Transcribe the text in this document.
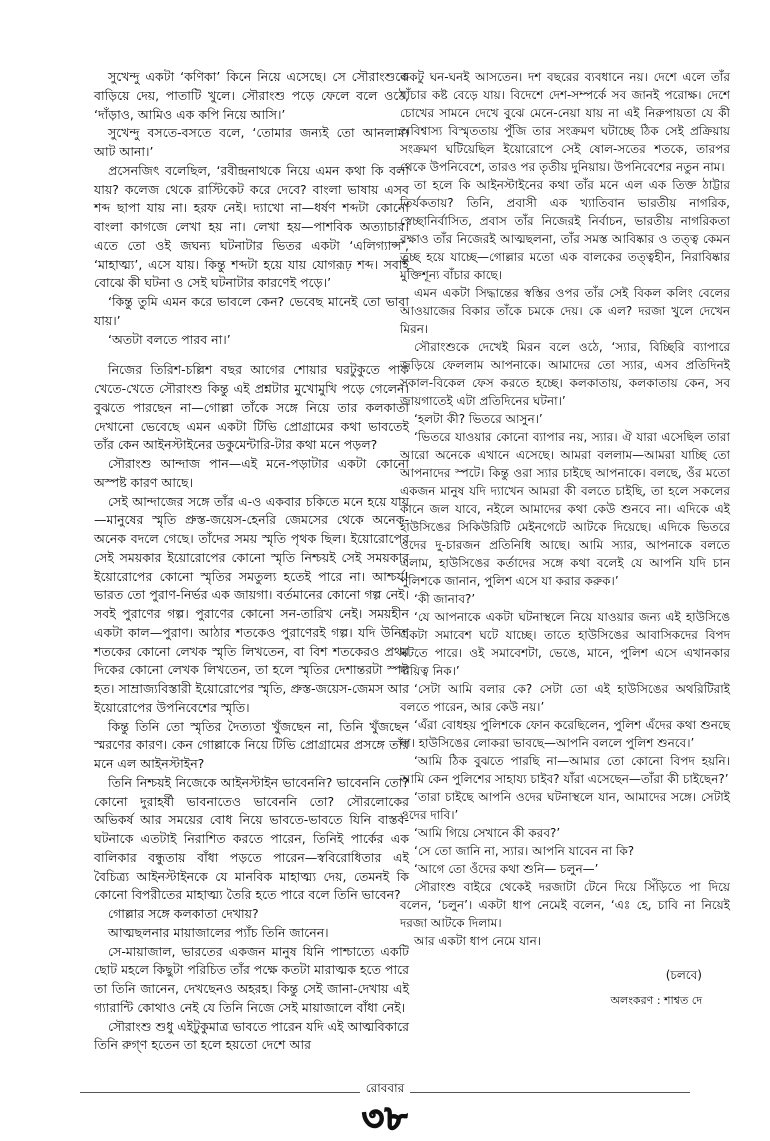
সুখেন্দু একটা ‘কণিকা’ কিনে নিয়ে এসেছে। সে সৌরাংশুকে বাড়িয়ে দেয়, পাতাটি খুলে। সৌরাংশু পড়ে ফেলে বলে ওঠে, ‘দাঁড়াও, আমিও এক কপি নিয়ে আসি।’

সুখেন্দু বসতে-বসতে বলে, ‘তোমার জন্যই তো আনলাম। আট আনা।’

প্রসেনজিৎ বলেছিল, ‘রবীন্দ্রনাথকে নিয়ে এমন কথা কি বলা যায়? কলেজ থেকে রাস্টিকেট করে দেবে? বাংলা ভাষায় এসব শব্দ ছাপা যায় না। হরফ নেই। দ্যাখো না—ধর্ষণ শব্দটা কোনো বাংলা কাগজে লেখা হয় না। লেখা হয়—পাশবিক অত্যাচার। এতে তো ওই জঘন্য ঘটনাটার ভিতর একটা ‘এলিগ্যান্স’, ‘মাহাত্ম্য’, এসে যায়। কিন্তু শব্দটা হয়ে যায় যোগরূঢ় শব্দ। সবাই বোঝে কী ঘটনা ও সেই ঘটনাটার কারণেই পড়ে।’

‘কিন্তু তুমি এমন করে ভাবলে কেন? ভেবেছ মানেই তো ভাবা যায়।’

‘অতটা বলতে পারব না।’

নিজের তিরিশ-চল্লিশ বছর আগের শোয়ার ঘরটুকুতে পাক খেতে-খেতে সৌরাংশু কিন্তু এই প্রশ্নটার মুখোমুখি পড়ে গেলেন। বুঝতে পারছেন না—গোল্লা তাঁকে সঙ্গে নিয়ে তার কলকাতা দেখানো ভেবেছে এমন একটা টিভি প্রোগ্রামের কথা ভাবতেই তাঁর কেন আইনস্টাইনের ডকুমেন্টারি-টার কথা মনে পড়ল?

সৌরাংশু আন্দাজ পান—এই মনে-পড়াটার একটা কোনো অস্পষ্ট কারণ আছে।

সেই আন্দাজের সঙ্গে তাঁর এ-ও একবার চকিতে মনে হয়ে যায়—মানুষের স্মৃতি প্রুস্ত-জয়েস-হেনরি জেমসের থেকে অনেক-অনেক বদলে গেছে। তাঁদের সময় স্মৃতি পৃথক ছিল। ইয়োরোপের সেই সময়কার ইয়োরোপের কোনো স্মৃতি নিশ্চয়ই সেই সময়কার ইয়োরোপের কোনো স্মৃতির সমতুল্য হতেই পারে না। আশ্চর্য! ভারত তো পুরাণ-নির্ভর এক জায়গা। বর্তমানের কোনো গল্প নেই। সবই পুরাণের গল্প। পুরাণের কোনো সন-তারিখ নেই। সময়হীন একটা কাল—পুরাণ। আঠার শতকেও পুরাণেরই গল্প। যদি উনিশ শতকের কোনো লেখক স্মৃতি লিখতেন, বা বিশ শতকেরও প্রথম দিকের কোনো লেখক লিখতেন, তা হলে স্মৃতির দেশান্তরটা স্পষ্ট হত। সাম্রাজ্যবিস্তারী ইয়োরোপের স্মৃতি, প্রুস্ত-জয়েস-জেমস আর ইয়োরোপের উপনিবেশের স্মৃতি।

কিন্তু তিনি তো স্মৃতির দৈত্যতা খুঁজছেন না, তিনি খুঁজছেন স্মরণের কারণ। কেন গোল্লাকে নিয়ে টিভি প্রোগ্রামের প্রসঙ্গে তাঁর মনে এল আইনস্টাইন?

তিনি নিশ্চয়ই নিজেকে আইনস্টাইন ভাবেননি? ভাবেননি তো? কোনো দুরাহর্ষী ভাবনাতেও ভাবেননি তো? সৌরলোকের অভিকর্ষ আর সময়ের বোধ নিয়ে ভাবতে-ভাবতে যিনি বাস্তব-ঘটনাকে এতটাই নিরাশিত করতে পারেন, তিনিই পার্কের এক বালিকার বন্ধুতায় বাঁধা পড়তে পারেন—স্ববিরোধিতার এই বৈচিত্র্য আইনস্টাইনকে যে মানবিক মাহাত্ম্য দেয়, তেমনই কি কোনো বিপরীতের মাহাত্ম্য তৈরি হতে পারে বলে তিনি ভাবেন?

গোল্লার সঙ্গে কলকাতা দেখায়?

আত্মছলনার মায়াজালের প্যাঁচ তিনি জানেন।

সে-মায়াজাল, ভারতের একজন মানুষ যিনি পাশ্চাত্যে একটি ছোট মহলে কিছুটা পরিচিত তাঁর পক্ষে কতটা মারাত্মক হতে পারে তা তিনি জানেন, দেখছেনও অহরহ। কিন্তু সেই জানা-দেখায় এই গ্যারান্টি কোথাও নেই যে তিনি নিজে সেই মায়াজালে বাঁধা নেই।

সৌরাংশু শুধু এইটুকুমাত্র ভাবতে পারেন যদি এই আত্মবিকারে তিনি রুগ্ণ হতেন তা হলে হয়তো দেশে আর

একটু ঘন-ঘনই আসতেন। দশ বছরের ব্যবধানে নয়। দেশে এলে তাঁর বাঁচার কষ্ট বেড়ে যায়। বিদেশে দেশ-সম্পর্কে সব জানই পরোক্ষ। দেশে চোখের সামনে দেখে বুঝে মেনে-নেয়া যায় না এই নিরুপায়তা যে কী অবিশ্বাস্য বিস্মৃততায় পুঁজি তার সংক্রমণ ঘটাচ্ছে ঠিক সেই প্রক্রিয়ায় সংক্রমণ ঘটিয়েছিল ইয়োরোপে সেই ষোল-সতের শতকে, তারপর থেকে উপনিবেশে, তারও পর তৃতীয় দুনিয়ায়। উপনিবেশের নতুন নাম।

তা হলে কি আইনস্টাইনের কথা তাঁর মনে এল এক তিক্ত ঠাট্টার তির্যকতায়? তিনি, প্রবাসী এক খ্যাতিবান ভারতীয় নাগরিক, স্বেচ্ছানির্বাসিত, প্রবাস তাঁর নিজেরই নির্বাচন, ভারতীয় নাগরিকতা রক্ষাও তাঁর নিজেরই আত্মছলনা, তাঁর সমস্ত আবিষ্কার ও তত্ত্ব কেমন তুচ্ছ হয়ে যাচ্ছে—গোল্লার মতো এক বালকের তত্ত্বহীন, নিরাবিষ্কার মুক্তিশূন্য বাঁচার কাছে।

এমন একটা সিদ্ধান্তের স্বস্তির ওপর তাঁর সেই বিকল কলিং বেলের আওয়াজের বিকার তাঁকে চমকে দেয়। কে এল? দরজা খুলে দেখেন মিরন।

সৌরাংশুকে দেখেই মিরন বলে ওঠে, ‘স্যার, বিচ্ছিরি ব্যাপারে জড়িয়ে ফেললাম আপনাকে। আমাদের তো স্যার, এসব প্রতিদিনই সকাল-বিকেল ফেস করতে হচ্ছে। কলকাতায়, কলকাতায় কেন, সব জায়গাতেই এটা প্রতিদিনের ঘটনা।’

‘হলটা কী? ভিতরে আসুন।’

‘ভিতরে যাওয়ার কোনো ব্যাপার নয়, স্যার। ঐ যারা এসেছিল তারা আরো অনেকে এখানে এসেছে। আমরা বললাম—আমরা যাচ্ছি তো আপনাদের স্পটে। কিন্তু ওরা স্যার চাইছে আপনাকে। বলছে, ওঁর মতো একজন মানুষ যদি দ্যাখেন আমরা কী বলতে চাইছি, তা হলে সকলের কানে জল যাবে, নইলে আমাদের কথা কেউ শুনবে না। এদিকে এই হাউসিঙের সিকিউরিটি মেইনগেটে আটকে দিয়েছে। এদিকে ভিতরে ওদের দু-চারজন প্রতিনিধি আছে। আমি স্যার, আপনাকে বলতে এলাম, হাউসিঙের কর্তাদের সঙ্গে কথা বলেই যে আপনি যদি চান পুলিশকে জানান, পুলিশ এসে যা করার করুক।’

‘কী জানাব?’

‘যে আপনাকে একটা ঘটনাস্থলে নিয়ে যাওয়ার জন্য এই হাউসিঙে একটা সমাবেশ ঘটে যাচ্ছে। তাতে হাউসিঙের আবাসিকদের বিপদ ঘটতে পারে। ওই সমাবেশটা, ভেঙে, মানে, পুলিশ এসে এখানকার দায়িত্ব নিক।’

‘সেটা আমি বলার কে? সেটা তো এই হাউসিঙের অথরিটিরাই বলতে পারেন, আর কেউ নয়।’

‘এঁরা বোধহয় পুলিশকে ফোন করেছিলেন, পুলিশ এঁদের কথা শুনছে না। হাউসিঙের লোকরা ভাবছে—আপনি বললে পুলিশ শুনবে।’

‘আমি ঠিক বুঝতে পারছি না—আমার তো কোনো বিপদ হয়নি। আমি কেন পুলিশের সাহায্য চাইব? যাঁরা এসেছেন—তাঁরা কী চাইছেন?’

‘তারা চাইছে আপনি ওদের ঘটনাস্থলে যান, আমাদের সঙ্গে। সেটাই ওদের দাবি।’

‘আমি গিয়ে সেখানে কী করব?’

‘সে তো জানি না, স্যার। আপনি যাবেন না কি?

‘আগে তো ওঁদের কথা শুনি— চলুন—’

সৌরাংশু বাইরে থেকেই দরজাটা টেনে দিয়ে সিঁড়িতে পা দিয়ে বলেন, ‘চলুন’। একটা ধাপ নেমেই বলেন, ‘এঃ হে, চাবি না নিয়েই দরজা আটকে দিলাম।

আর একটা ধাপ নেমে যান।

(চলবে)
অলংকরণ : শাশ্বত দে
রোববার
৩৮
